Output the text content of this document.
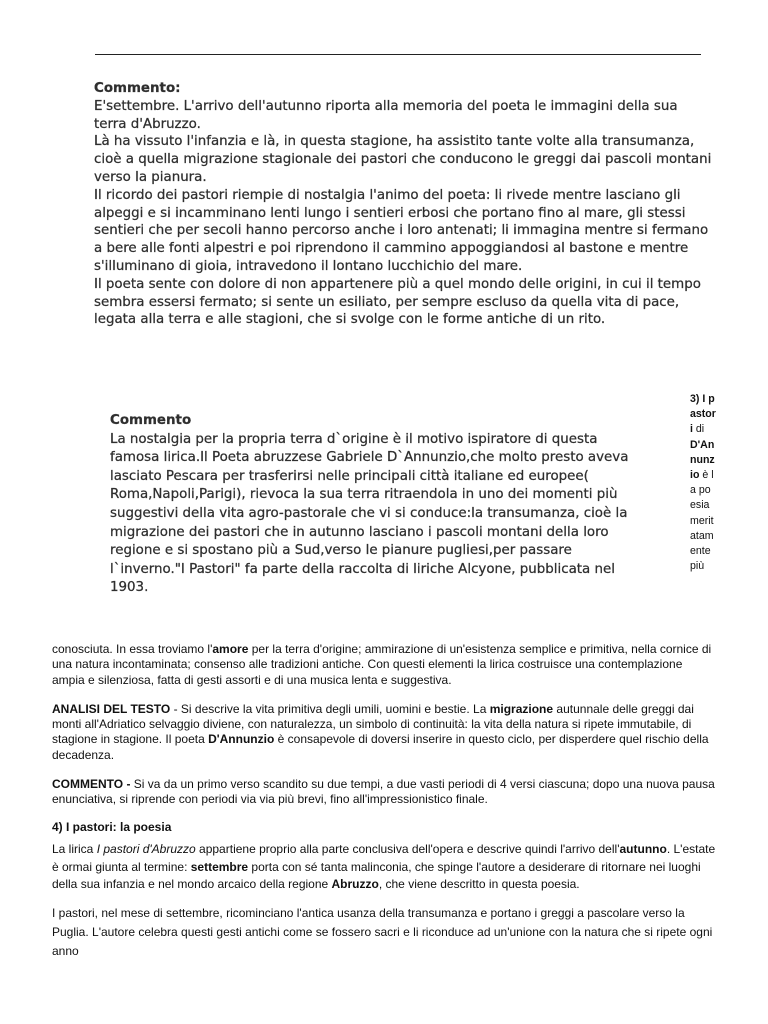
Commento:
E'settembre. L'arrivo dell'autunno riporta alla memoria del poeta le immagini della sua terra d'Abruzzo.
Là ha vissuto l'infanzia e là, in questa stagione, ha assistito tante volte alla transumanza, cioè a quella migrazione stagionale dei pastori che conducono le greggi dai pascoli montani verso la pianura.
Il ricordo dei pastori riempie di nostalgia l'animo del poeta: li rivede mentre lasciano gli alpeggi e si incamminano lenti lungo i sentieri erbosi che portano fino al mare, gli stessi sentieri che per secoli hanno percorso anche i loro antenati; li immagina mentre si fermano a bere alle fonti alpestri e poi riprendono il cammino appoggiandosi al bastone e mentre s'illuminano di gioia, intravedono il lontano lucchichio del mare.
Il poeta sente con dolore di non appartenere più a quel mondo delle origini, in cui il tempo sembra essersi fermato; si sente un esiliato, per sempre escluso da quella vita di pace, legata alla terra e alle stagioni, che si svolge con le forme antiche di un rito.
Commento
La nostalgia per la propria terra d`origine è il motivo ispiratore di questa famosa lirica.Il Poeta abruzzese Gabriele D`Annunzio,che molto presto aveva lasciato Pescara per trasferirsi nelle principali città italiane ed europee( Roma,Napoli,Parigi), rievoca la sua terra ritraendola in uno dei momenti più suggestivi della vita agro-pastorale che vi si conduce:la transumanza, cioè la migrazione dei pastori che in autunno lasciano i pascoli montani della loro regione e si spostano più a Sud,verso le pianure pugliesi,per passare l`inverno."I Pastori" fa parte della raccolta di liriche Alcyone, pubblicata nel 1903.
3) I pastori di D'Annunzio è la poesia meritatamente più

conosciuta. In essa troviamo l'amore per la terra d'origine; ammirazione di un'esistenza semplice e primitiva, nella cornice di una natura incontaminata; consenso alle tradizioni antiche. Con questi elementi la lirica costruisce una contemplazione ampia e silenziosa, fatta di gesti assorti e di una musica lenta e suggestiva.

ANALISI DEL TESTO - Si descrive la vita primitiva degli umili, uomini e bestie. La migrazione autunnale delle greggi dai monti all'Adriatico selvaggio diviene, con naturalezza, un simbolo di continuità: la vita della natura si ripete immutabile, di stagione in stagione. Il poeta D'Annunzio è consapevole di doversi inserire in questo ciclo, per disperdere quel rischio della decadenza.

COMMENTO - Si va da un primo verso scandito su due tempi, a due vasti periodi di 4 versi ciascuna; dopo una nuova pausa enunciativa, si riprende con periodi via via più brevi, fino all'impressionistico finale.

4) I pastori: la poesia

La lirica I pastori d'Abruzzo appartiene proprio alla parte conclusiva dell'opera e descrive quindi l'arrivo dell'autunno. L'estate è ormai giunta al termine: settembre porta con sé tanta malinconia, che spinge l'autore a desiderare di ritornare nei luoghi della sua infanzia e nel mondo arcaico della regione Abruzzo, che viene descritto in questa poesia.

I pastori, nel mese di settembre, ricominciano l'antica usanza della transumanza e portano i greggi a pascolare verso la Puglia. L'autore celebra questi gesti antichi come se fossero sacri e li riconduce ad un'unione con la natura che si ripete ogni anno
